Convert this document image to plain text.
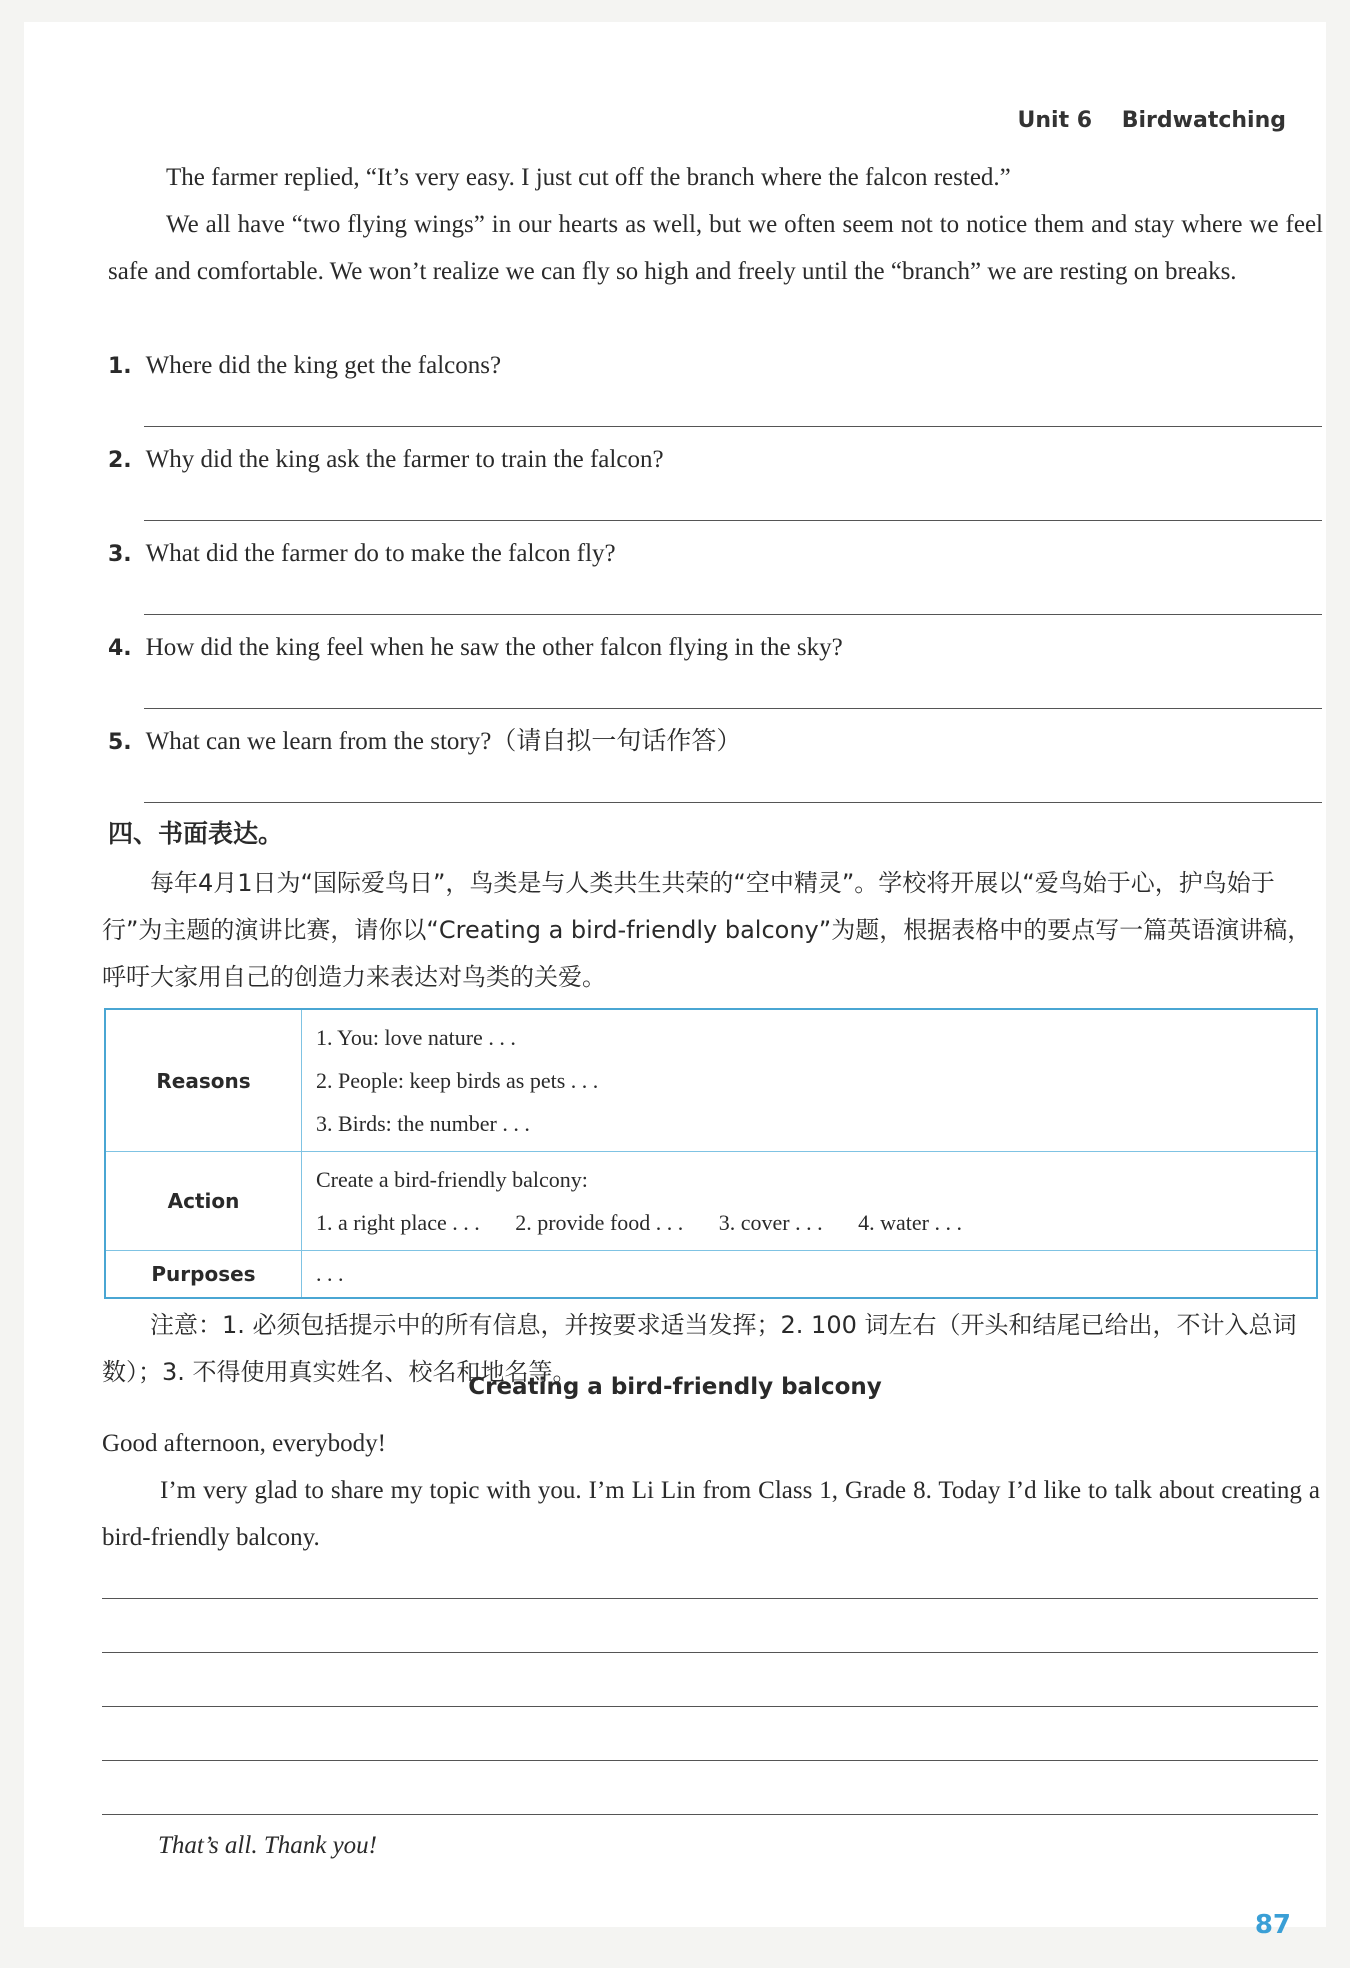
Unit 6 Birdwatching
The farmer replied, “It’s very easy. I just cut off the branch where the falcon rested.”
We all have “two flying wings” in our hearts as well, but we often seem not to notice them and stay where we feel safe and comfortable. We won’t realize we can fly so high and freely until the “branch” we are resting on breaks.
1. Where did the king get the falcons?
2. Why did the king ask the farmer to train the falcon?
3. What did the farmer do to make the falcon fly?
4. How did the king feel when he saw the other falcon flying in the sky?
5. What can we learn from the story?（请自拟一句话作答）
四、书面表达。
每年4月1日为“国际爱鸟日”，鸟类是与人类共生共荣的“空中精灵”。学校将开展以“爱鸟始于心，护鸟始于行”为主题的演讲比赛，请你以“Creating a bird-friendly balcony”为题，根据表格中的要点写一篇英语演讲稿，呼吁大家用自己的创造力来表达对鸟类的关爱。
Reasons	1. You: love nature . . .
2. People: keep birds as pets . . .
3. Birds: the number . . .

Action	Create a bird-friendly balcony:
1. a right place . . . 2. provide food . . . 3. cover . . . 4. water . . .

Purposes	. . .
注意：1. 必须包括提示中的所有信息，并按要求适当发挥；2. 100 词左右（开头和结尾已给出，不计入总词数）；3. 不得使用真实姓名、校名和地名等。
Creating a bird-friendly balcony
Good afternoon, everybody!
I’m very glad to share my topic with you. I’m Li Lin from Class 1, Grade 8. Today I’d like to talk about creating a bird-friendly balcony.
That’s all. Thank you!
87
